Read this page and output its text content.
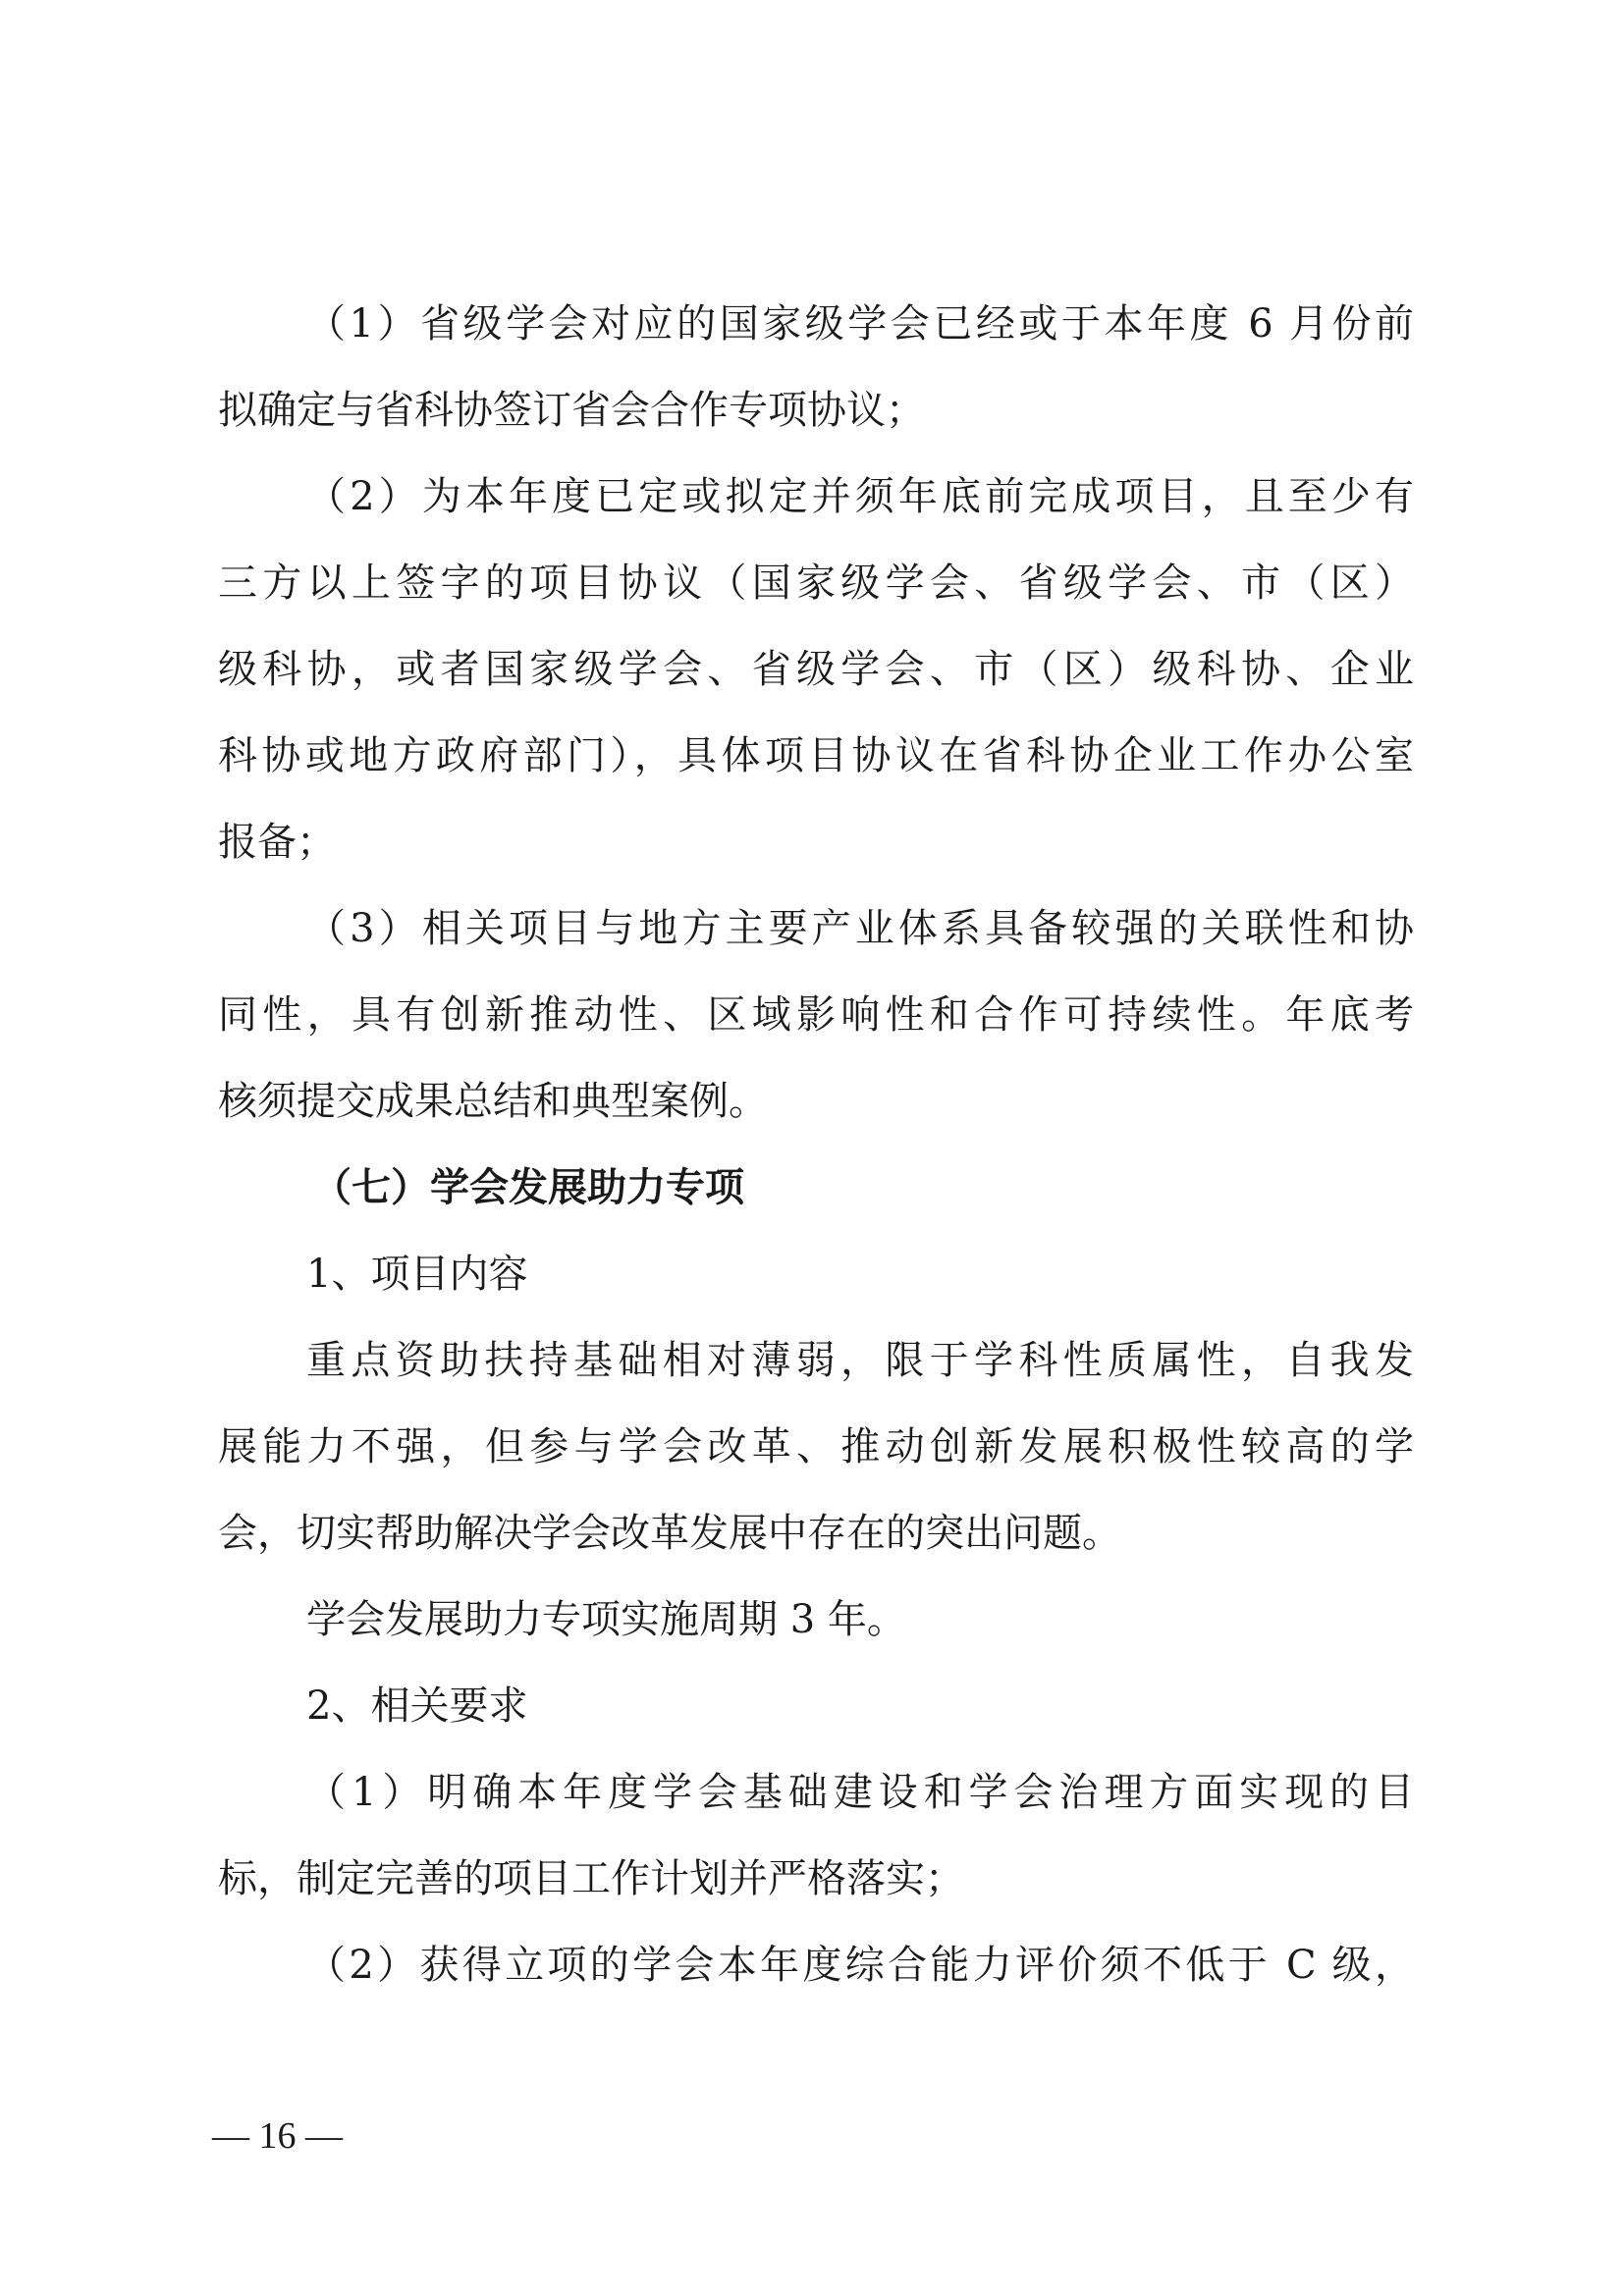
（1）省级学会对应的国家级学会已经或于本年度 6 月份前

拟确定与省科协签订省会合作专项协议；

（2）为本年度已定或拟定并须年底前完成项目，且至少有

三方以上签字的项目协议（国家级学会、省级学会、市（区）

级科协，或者国家级学会、省级学会、市（区）级科协、企业

科协或地方政府部门），具体项目协议在省科协企业工作办公室

报备；

（3）相关项目与地方主要产业体系具备较强的关联性和协

同性，具有创新推动性、区域影响性和合作可持续性。年底考

核须提交成果总结和典型案例。

（七）学会发展助力专项

1、项目内容

重点资助扶持基础相对薄弱，限于学科性质属性，自我发

展能力不强，但参与学会改革、推动创新发展积极性较高的学

会，切实帮助解决学会改革发展中存在的突出问题。

学会发展助力专项实施周期 3 年。

2、相关要求

（1）明确本年度学会基础建设和学会治理方面实现的目

标，制定完善的项目工作计划并严格落实；

（2）获得立项的学会本年度综合能力评价须不低于 C 级，

— 16 —
